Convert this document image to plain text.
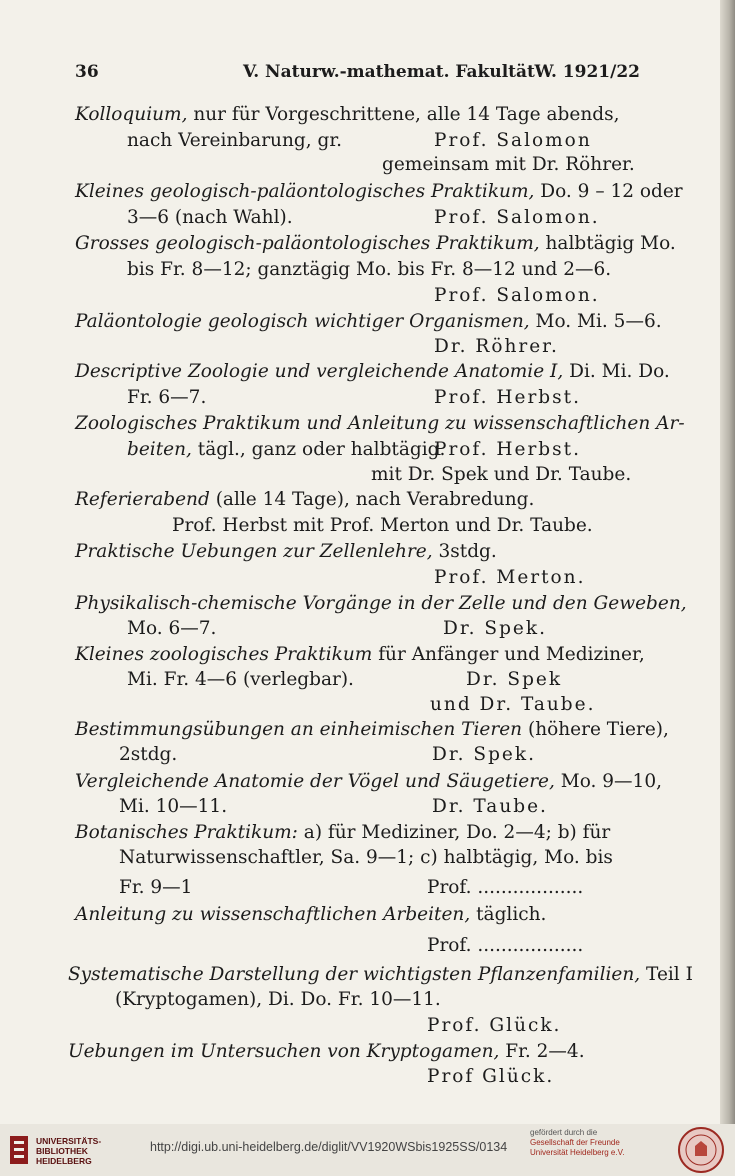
36	V. Naturw.-mathemat. Fakultät W. 1921/22
Kolloquium, nur für Vorgeschrittene, alle 14 Tage abends,
nach Vereinbarung, gr.	Prof. Salomon
gemeinsam mit Dr. Röhrer.
Kleines geologisch-paläontologisches Praktikum, Do. 9 – 12 oder
3—6 (nach Wahl).	Prof. Salomon.
Grosses geologisch-paläontologisches Praktikum, halbtägig Mo.
bis Fr. 8—12; ganztägig Mo. bis Fr. 8—12 und 2—6.
Prof. Salomon.
Paläontologie geologisch wichtiger Organismen, Mo. Mi. 5—6.
Dr. Röhrer.
Descriptive Zoologie und vergleichende Anatomie I, Di. Mi. Do.
Fr. 6—7.	Prof. Herbst.
Zoologisches Praktikum und Anleitung zu wissenschaftlichen Ar-
beiten, tägl., ganz oder halbtägig.
Prof. Herbst.
mit Dr. Spek und Dr. Taube.
Referierabend (alle 14 Tage), nach Verabredung.
Prof. Herbst mit Prof. Merton und Dr. Taube.
Praktische Uebungen zur Zellenlehre, 3stdg.
Prof. Merton.
Physikalisch-chemische Vorgänge in der Zelle und den Geweben,
Mo. 6—7.	Dr. Spek.
Kleines zoologisches Praktikum für Anfänger und Mediziner,
Mi. Fr. 4—6 (verlegbar).	Dr. Spek
und Dr. Taube.
Bestimmungsübungen an einheimischen Tieren (höhere Tiere),
2stdg.	Dr. Spek.
Vergleichende Anatomie der Vögel und Säugetiere, Mo. 9—10,
Mi. 10—11.	Dr. Taube.
Botanisches Praktikum: a) für Mediziner, Do. 2—4; b) für
Naturwissenschaftler, Sa. 9—1; c) halbtägig, Mo. bis
Fr. 9—1	Prof. ..................
Anleitung zu wissenschaftlichen Arbeiten, täglich.
Prof. ..................
Systematische Darstellung der wichtigsten Pflanzenfamilien, Teil I
(Kryptogamen), Di. Do. Fr. 10—11.
Prof. Glück.
Uebungen im Untersuchen von Kryptogamen, Fr. 2—4.
Prof Glück.
UNIVERSITÄTS-
BIBLIOTHEK
HEIDELBERG
http://digi.ub.uni-heidelberg.de/diglit/VV1920WSbis1925SS/0134
gefördert durch die
Gesellschaft der Freunde
Universität Heidelberg e.V.
